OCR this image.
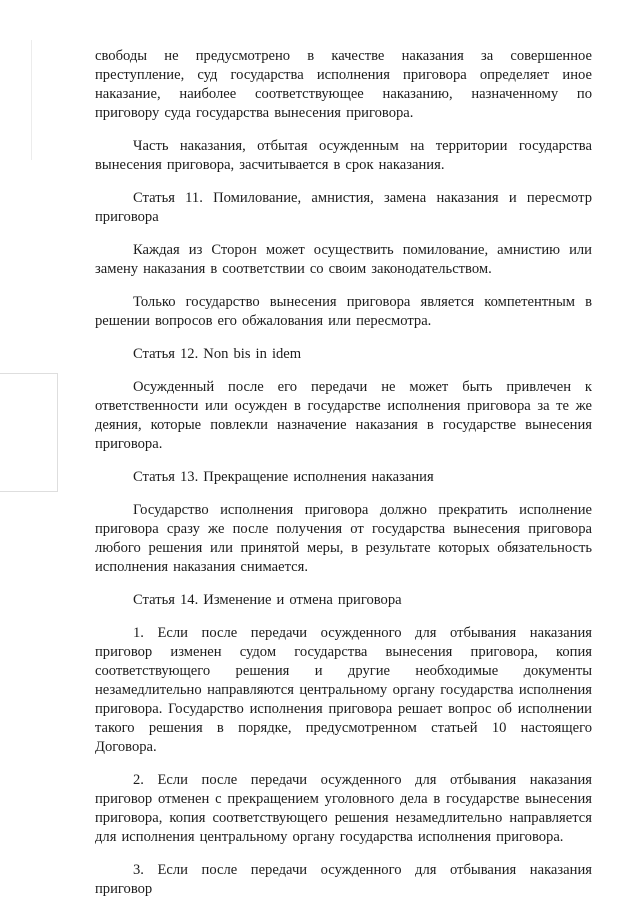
свободы не предусмотрено в качестве наказания за совершенное преступление, суд государства исполнения приговора определяет иное наказание, наиболее соответствующее наказанию, назначенному по приговору суда государства вынесения приговора.

Часть наказания, отбытая осужденным на территории государства вынесения приговора, засчитывается в срок наказания.

Статья 11. Помилование, амнистия, замена наказания и пересмотр приговора

Каждая из Сторон может осуществить помилование, амнистию или замену наказания в соответствии со своим законодательством.

Только государство вынесения приговора является компетентным в решении вопросов его обжалования или пересмотра.

Статья 12. Non bis in idem

Осужденный после его передачи не может быть привлечен к ответственности или осужден в государстве исполнения приговора за те же деяния, которые повлекли назначение наказания в государстве вынесения приговора.

Статья 13. Прекращение исполнения наказания

Государство исполнения приговора должно прекратить исполнение приговора сразу же после получения от государства вынесения приговора любого решения или принятой меры, в результате которых обязательность исполнения наказания снимается.

Статья 14. Изменение и отмена приговора

1. Если после передачи осужденного для отбывания наказания приговор изменен судом государства вынесения приговора, копия соответствующего решения и другие необходимые документы незамедлительно направляются центральному органу государства исполнения приговора. Государство исполнения приговора решает вопрос об исполнении такого решения в порядке, предусмотренном статьей 10 настоящего Договора.

2. Если после передачи осужденного для отбывания наказания приговор отменен с прекращением уголовного дела в государстве вынесения приговора, копия соответствующего решения незамедлительно направляется для исполнения центральному органу государства исполнения приговора.

3. Если после передачи осужденного для отбывания наказания приговор
